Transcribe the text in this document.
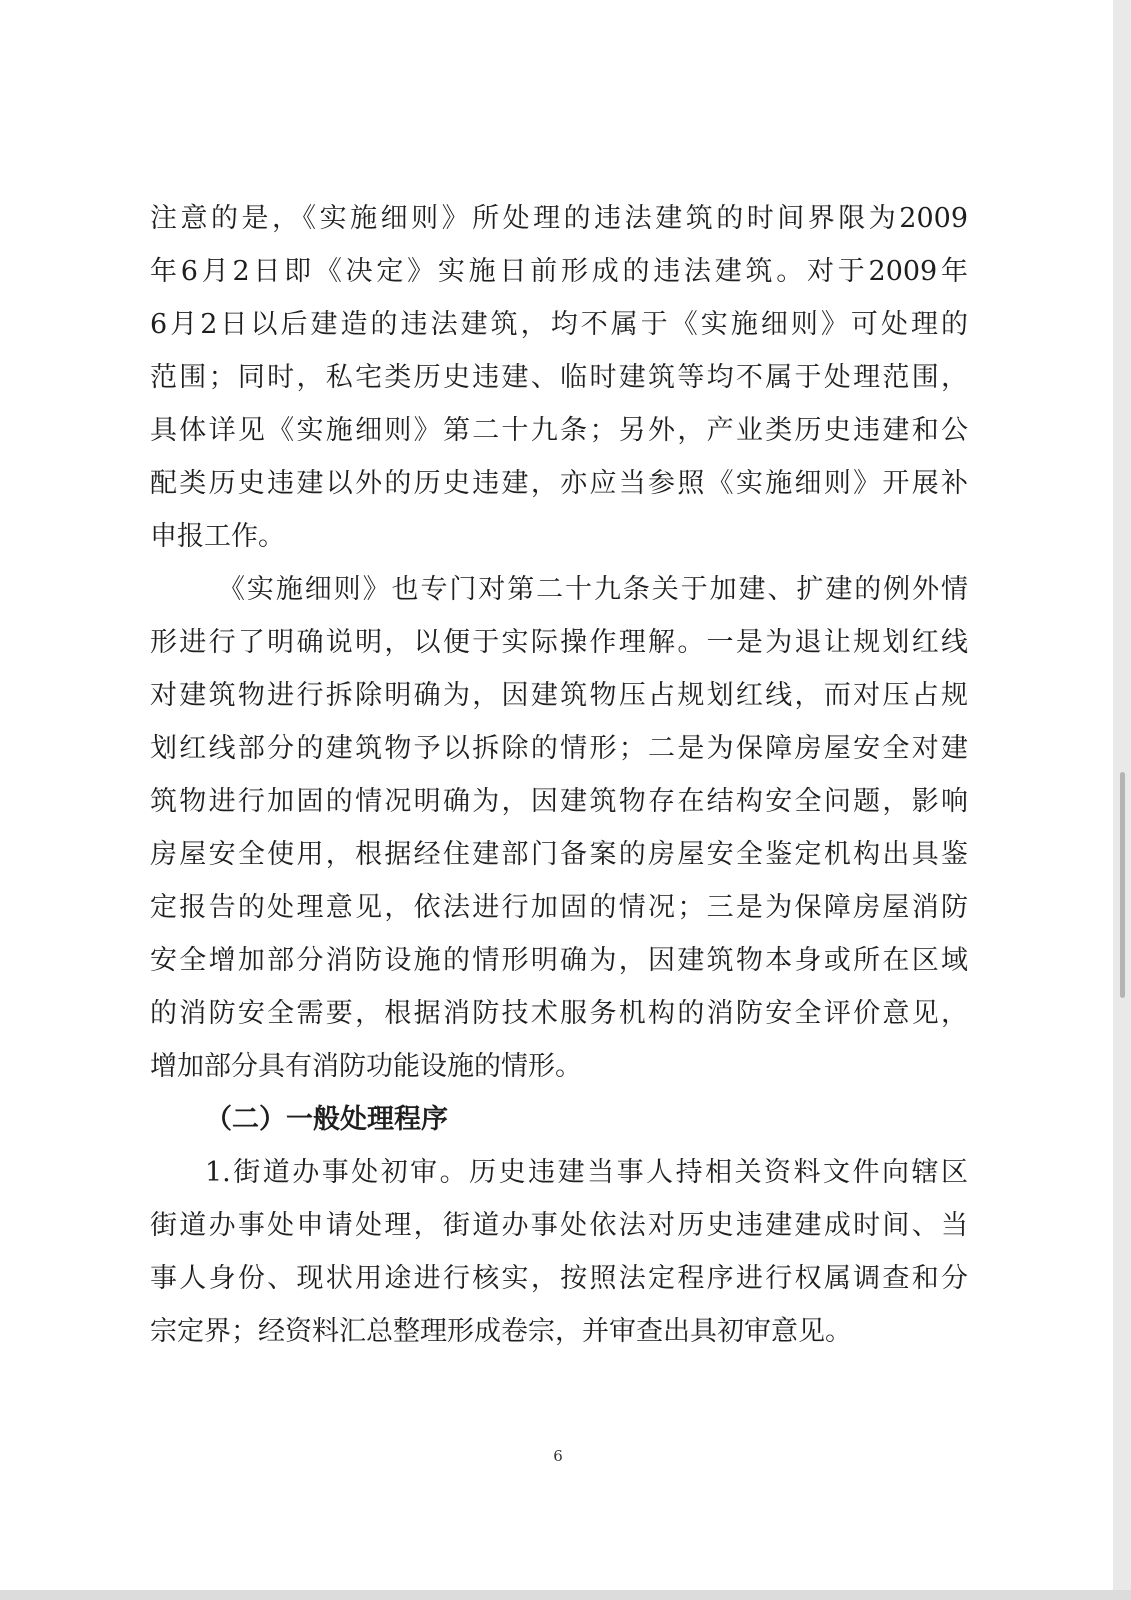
注意的是，《实施细则》所处理的违法建筑的时间界限为2009
年6月2日即《决定》实施日前形成的违法建筑。对于2009年
6月2日以后建造的违法建筑，均不属于《实施细则》可处理的
范围；同时，私宅类历史违建、临时建筑等均不属于处理范围，
具体详见《实施细则》第二十九条；另外，产业类历史违建和公
配类历史违建以外的历史违建，亦应当参照《实施细则》开展补
申报工作。
《实施细则》也专门对第二十九条关于加建、扩建的例外情
形进行了明确说明，以便于实际操作理解。一是为退让规划红线
对建筑物进行拆除明确为，因建筑物压占规划红线，而对压占规
划红线部分的建筑物予以拆除的情形；二是为保障房屋安全对建
筑物进行加固的情况明确为，因建筑物存在结构安全问题，影响
房屋安全使用，根据经住建部门备案的房屋安全鉴定机构出具鉴
定报告的处理意见，依法进行加固的情况；三是为保障房屋消防
安全增加部分消防设施的情形明确为，因建筑物本身或所在区域
的消防安全需要，根据消防技术服务机构的消防安全评价意见，
增加部分具有消防功能设施的情形。
（二）一般处理程序
1.街道办事处初审。历史违建当事人持相关资料文件向辖区
街道办事处申请处理，街道办事处依法对历史违建建成时间、当
事人身份、现状用途进行核实，按照法定程序进行权属调查和分
宗定界；经资料汇总整理形成卷宗，并审查出具初审意见。
6
